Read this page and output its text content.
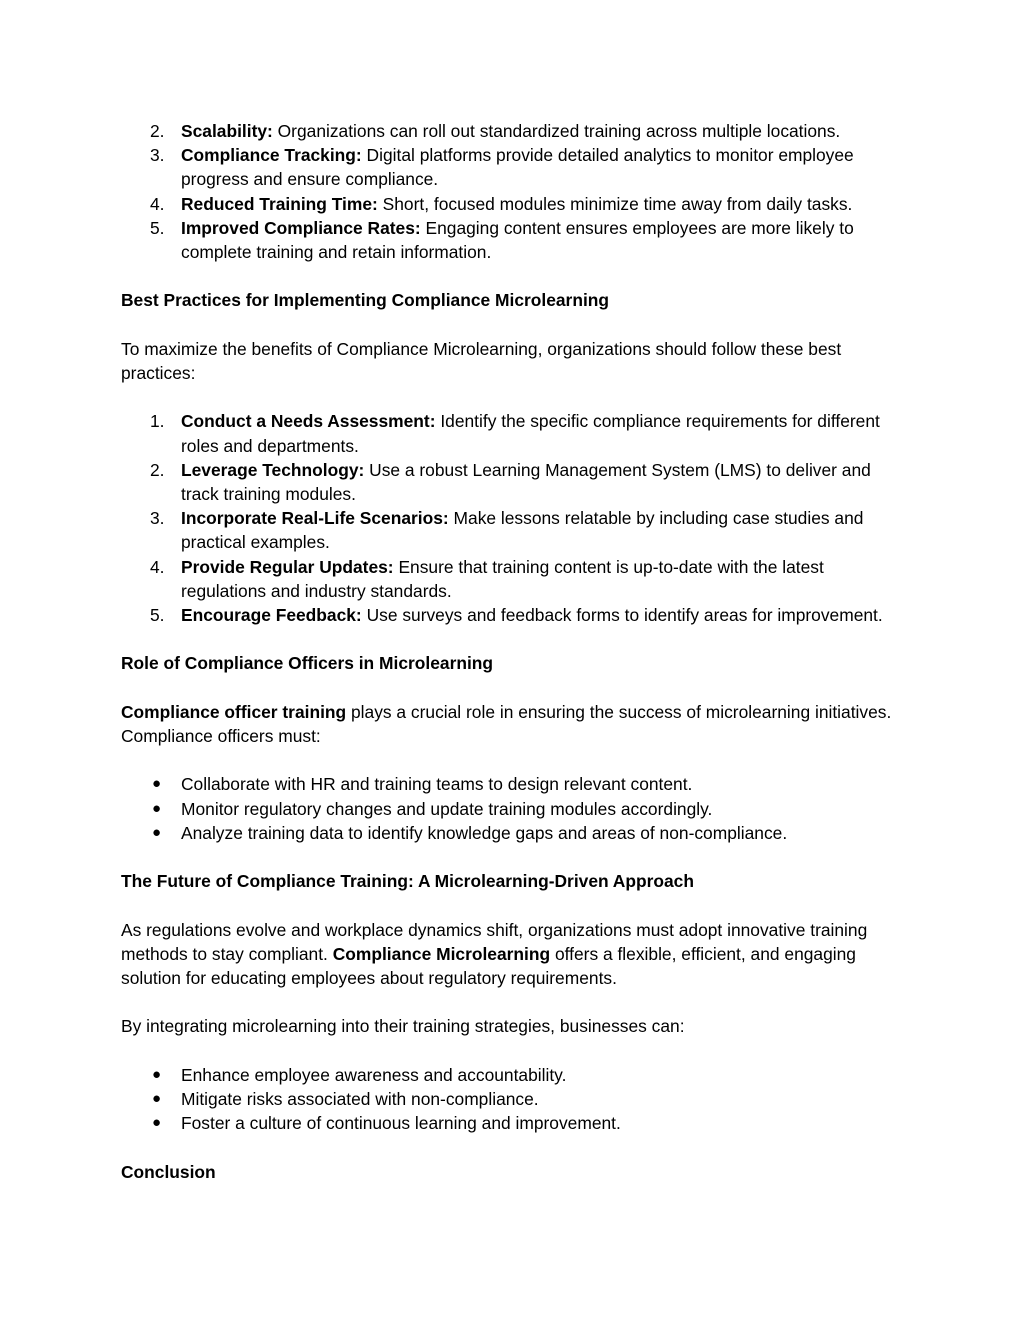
2. Scalability: Organizations can roll out standardized training across multiple locations.
3. Compliance Tracking: Digital platforms provide detailed analytics to monitor employee progress and ensure compliance.
4. Reduced Training Time: Short, focused modules minimize time away from daily tasks.
5. Improved Compliance Rates: Engaging content ensures employees are more likely to complete training and retain information.
Best Practices for Implementing Compliance Microlearning

To maximize the benefits of Compliance Microlearning, organizations should follow these best practices:

1. Conduct a Needs Assessment: Identify the specific compliance requirements for different roles and departments.
2. Leverage Technology: Use a robust Learning Management System (LMS) to deliver and track training modules.
3. Incorporate Real-Life Scenarios: Make lessons relatable by including case studies and practical examples.
4. Provide Regular Updates: Ensure that training content is up-to-date with the latest regulations and industry standards.
5. Encourage Feedback: Use surveys and feedback forms to identify areas for improvement.
Role of Compliance Officers in Microlearning

Compliance officer training plays a crucial role in ensuring the success of microlearning initiatives. Compliance officers must:

● Collaborate with HR and training teams to design relevant content.
● Monitor regulatory changes and update training modules accordingly.
● Analyze training data to identify knowledge gaps and areas of non-compliance.
The Future of Compliance Training: A Microlearning-Driven Approach

As regulations evolve and workplace dynamics shift, organizations must adopt innovative training methods to stay compliant. Compliance Microlearning offers a flexible, efficient, and engaging solution for educating employees about regulatory requirements.

By integrating microlearning into their training strategies, businesses can:

● Enhance employee awareness and accountability.
● Mitigate risks associated with non-compliance.
● Foster a culture of continuous learning and improvement.
Conclusion
